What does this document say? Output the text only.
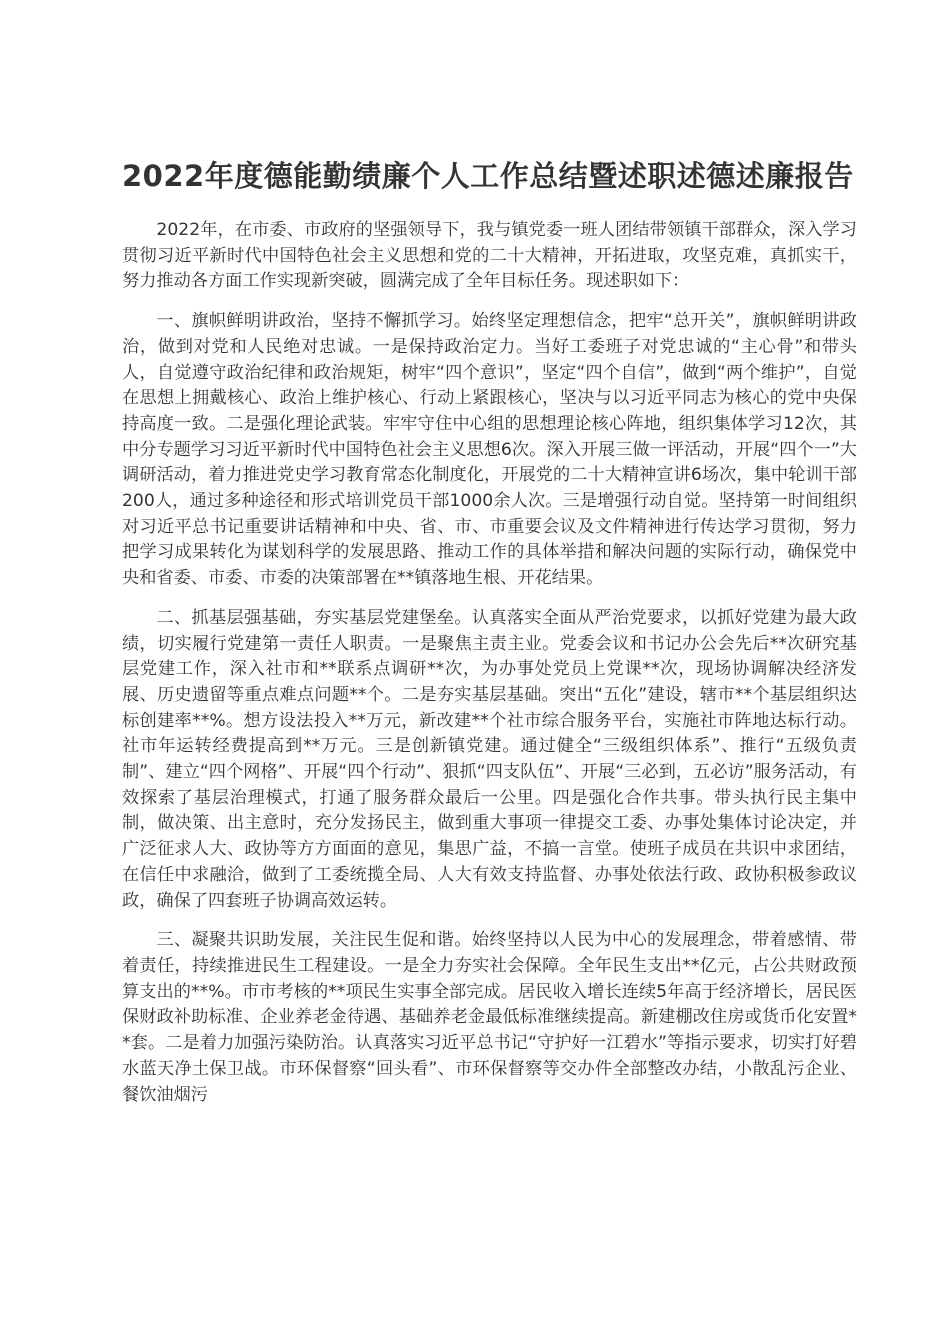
2022年度德能勤绩廉个人工作总结暨述职述德述廉报告

2022年，在市委、市政府的坚强领导下，我与镇党委一班人团结带领镇干部群众，深入学习贯彻习近平新时代中国特色社会主义思想和党的二十大精神，开拓进取，攻坚克难，真抓实干，努力推动各方面工作实现新突破，圆满完成了全年目标任务。现述职如下：

一、旗帜鲜明讲政治，坚持不懈抓学习。始终坚定理想信念，把牢“总开关”，旗帜鲜明讲政治，做到对党和人民绝对忠诚。一是保持政治定力。当好工委班子对党忠诚的“主心骨”和带头人，自觉遵守政治纪律和政治规矩，树牢“四个意识”，坚定“四个自信”，做到“两个维护”，自觉在思想上拥戴核心、政治上维护核心、行动上紧跟核心，坚决与以习近平同志为核心的党中央保持高度一致。二是强化理论武装。牢牢守住中心组的思想理论核心阵地，组织集体学习12次，其中分专题学习习近平新时代中国特色社会主义思想6次。深入开展三做一评活动，开展“四个一”大调研活动，着力推进党史学习教育常态化制度化，开展党的二十大精神宣讲6场次，集中轮训干部200人，通过多种途径和形式培训党员干部1000余人次。三是增强行动自觉。坚持第一时间组织对习近平总书记重要讲话精神和中央、省、市、市重要会议及文件精神进行传达学习贯彻，努力把学习成果转化为谋划科学的发展思路、推动工作的具体举措和解决问题的实际行动，确保党中央和省委、市委、市委的决策部署在**镇落地生根、开花结果。

二、抓基层强基础，夯实基层党建堡垒。认真落实全面从严治党要求，以抓好党建为最大政绩，切实履行党建第一责任人职责。一是聚焦主责主业。党委会议和书记办公会先后**次研究基层党建工作，深入社市和**联系点调研**次，为办事处党员上党课**次，现场协调解决经济发展、历史遗留等重点难点问题**个。二是夯实基层基础。突出“五化”建设，辖市**个基层组织达标创建率**%。想方设法投入**万元，新改建**个社市综合服务平台，实施社市阵地达标行动。社市年运转经费提高到**万元。三是创新镇党建。通过健全“三级组织体系”、推行“五级负责制”、建立“四个网格”、开展“四个行动”、狠抓“四支队伍”、开展“三必到，五必访”服务活动，有效探索了基层治理模式，打通了服务群众最后一公里。四是强化合作共事。带头执行民主集中制，做决策、出主意时，充分发扬民主，做到重大事项一律提交工委、办事处集体讨论决定，并广泛征求人大、政协等方方面面的意见，集思广益，不搞一言堂。使班子成员在共识中求团结，在信任中求融洽，做到了工委统揽全局、人大有效支持监督、办事处依法行政、政协积极参政议政，确保了四套班子协调高效运转。

三、凝聚共识助发展，关注民生促和谐。始终坚持以人民为中心的发展理念，带着感情、带着责任，持续推进民生工程建设。一是全力夯实社会保障。全年民生支出**亿元，占公共财政预算支出的**%。市市考核的**项民生实事全部完成。居民收入增长连续5年高于经济增长，居民医保财政补助标准、企业养老金待遇、基础养老金最低标准继续提高。新建棚改住房或货币化安置**套。二是着力加强污染防治。认真落实习近平总书记“守护好一江碧水”等指示要求，切实打好碧水蓝天净土保卫战。市环保督察“回头看”、市环保督察等交办件全部整改办结，小散乱污企业、餐饮油烟污
